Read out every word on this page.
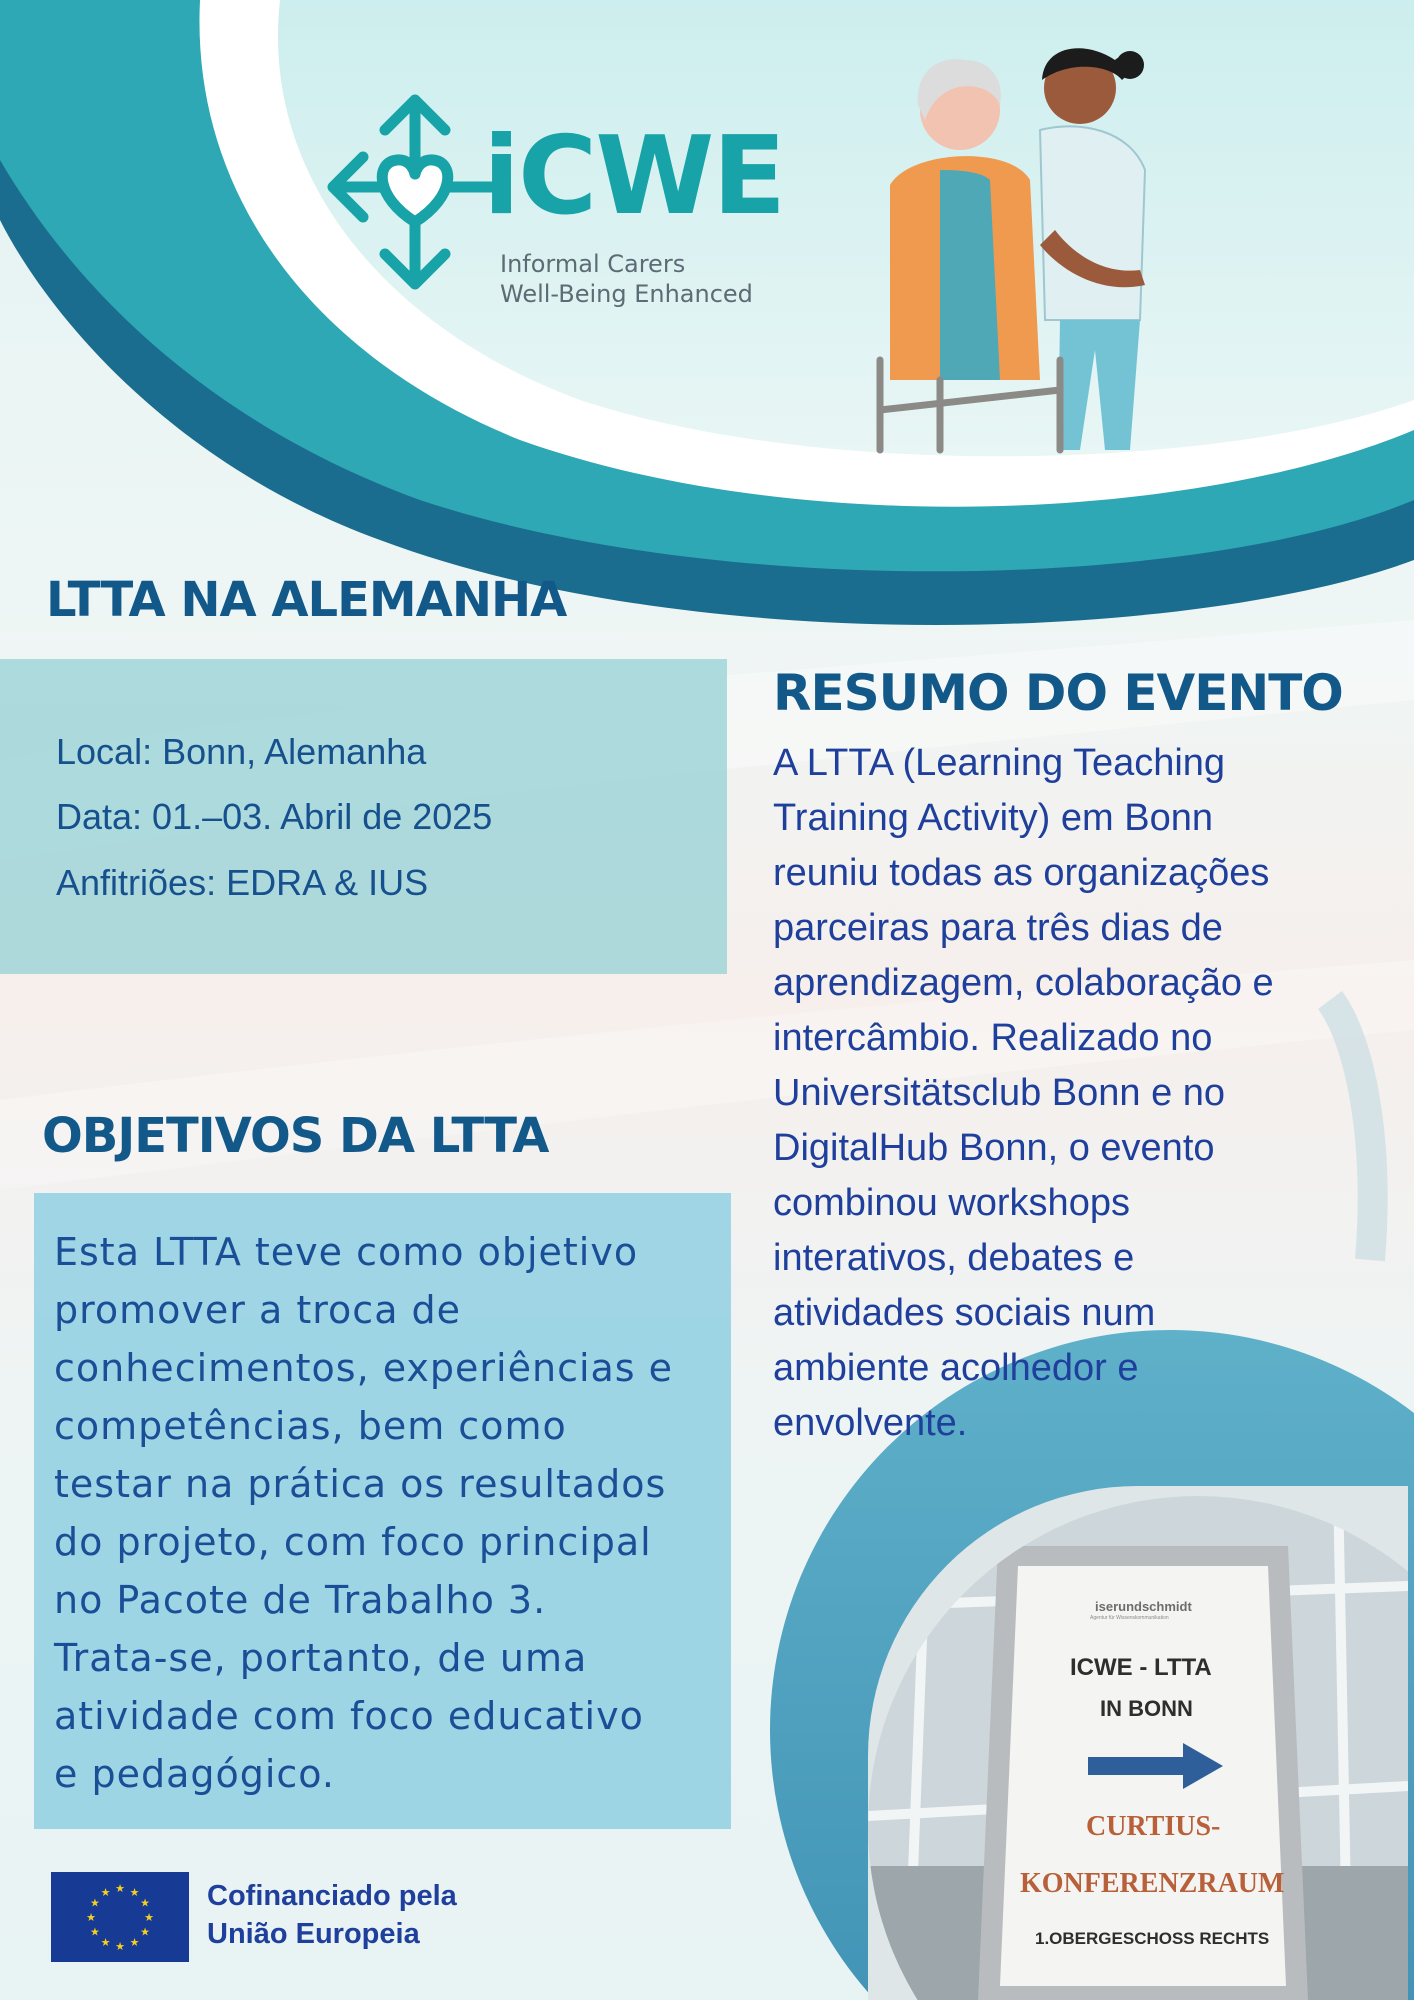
iCWE
Informal Carers
Well-Being Enhanced
LTTA NA ALEMANHA
Local: Bonn, Alemanha
Data: 01.–03. Abril de 2025
Anfitriões: EDRA & IUS
OBJETIVOS DA LTTA
Esta LTTA teve como objetivo
promover a troca de
conhecimentos, experiências e
competências, bem como
testar na prática os resultados
do projeto, com foco principal
no Pacote de Trabalho 3.
Trata-se, portanto, de uma
atividade com foco educativo
e pedagógico.
RESUMO DO EVENTO
A LTTA (Learning Teaching
Training Activity) em Bonn
reuniu todas as organizações
parceiras para três dias de
aprendizagem, colaboração e
intercâmbio. Realizado no
Universitätsclub Bonn e no
DigitalHub Bonn, o evento
combinou workshops
interativos, debates e
atividades sociais num
ambiente acolhedor e
envolvente.
iserundschmidt
Agentur für Wissenskommunikation
ICWE - LTTA
IN BONN
CURTIUS-
KONFERENZRAUM
1.OBERGESCHOSS RECHTS
★ ★
★
★
★
★
★
★
★
★
★
★	Cofinanciado pela
União Europeia
